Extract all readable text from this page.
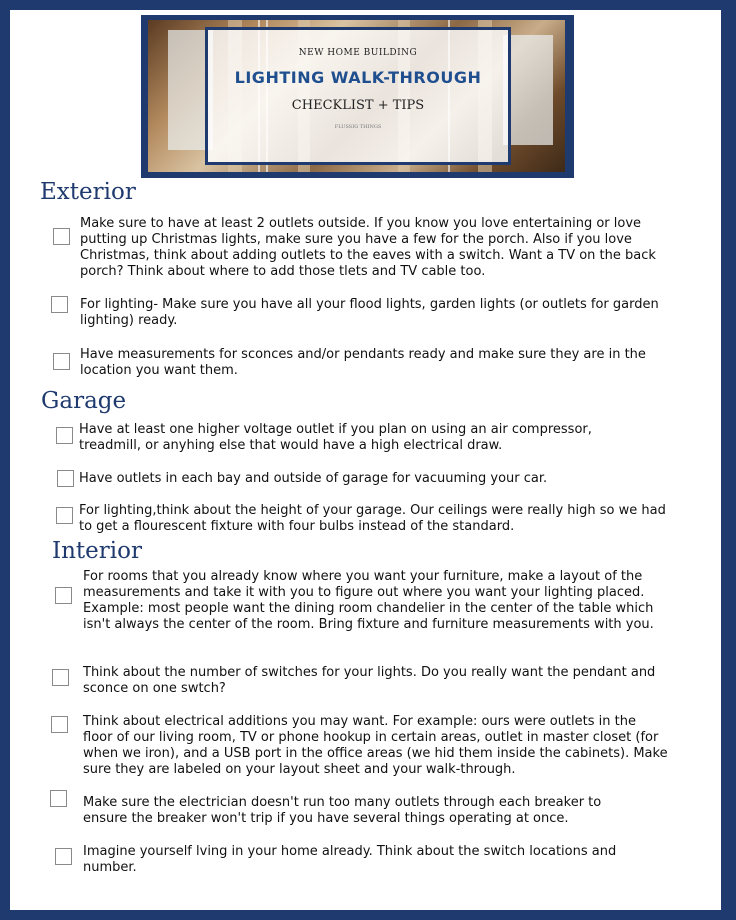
NEW HOME BUILDING
LIGHTING WALK-THROUGH
CHECKLIST + TIPS
FLUSSIG THINGS
Exterior
Make sure to have at least 2 outlets outside. If you know you love entertaining or love putting up Christmas lights, make sure you have a few for the porch. Also if you love Christmas, think about adding outlets to the eaves with a switch. Want a TV on the back porch? Think about where to add those tlets and TV cable too.
For lighting- Make sure you have all your flood lights, garden lights (or outlets for garden lighting) ready.
Have measurements for sconces and/or pendants ready and make sure they are in the location you want them.
Garage
Have at least one higher voltage outlet if you plan on using an air compressor, treadmill, or anyhing else that would have a high electrical draw.
Have outlets in each bay and outside of garage for vacuuming your car.
For lighting,think about the height of your garage. Our ceilings were really high so we had to get a flourescent fixture with four bulbs instead of the standard.
Interior
For rooms that you already know where you want your furniture, make a layout of the measurements and take it with you to figure out where you want your lighting placed. Example: most people want the dining room chandelier in the center of the table which isn't always the center of the room. Bring fixture and furniture measurements with you.
Think about the number of switches for your lights. Do you really want the pendant and sconce on one swtch?
Think about electrical additions you may want. For example: ours were outlets in the floor of our living room, TV or phone hookup in certain areas, outlet in master closet (for when we iron), and a USB port in the office areas (we hid them inside the cabinets). Make sure they are labeled on your layout sheet and your walk-through.
Make sure the electrician doesn't run too many outlets through each breaker to ensure the breaker won't trip if you have several things operating at once.
Imagine yourself lving in your home already. Think about the switch locations and number.
